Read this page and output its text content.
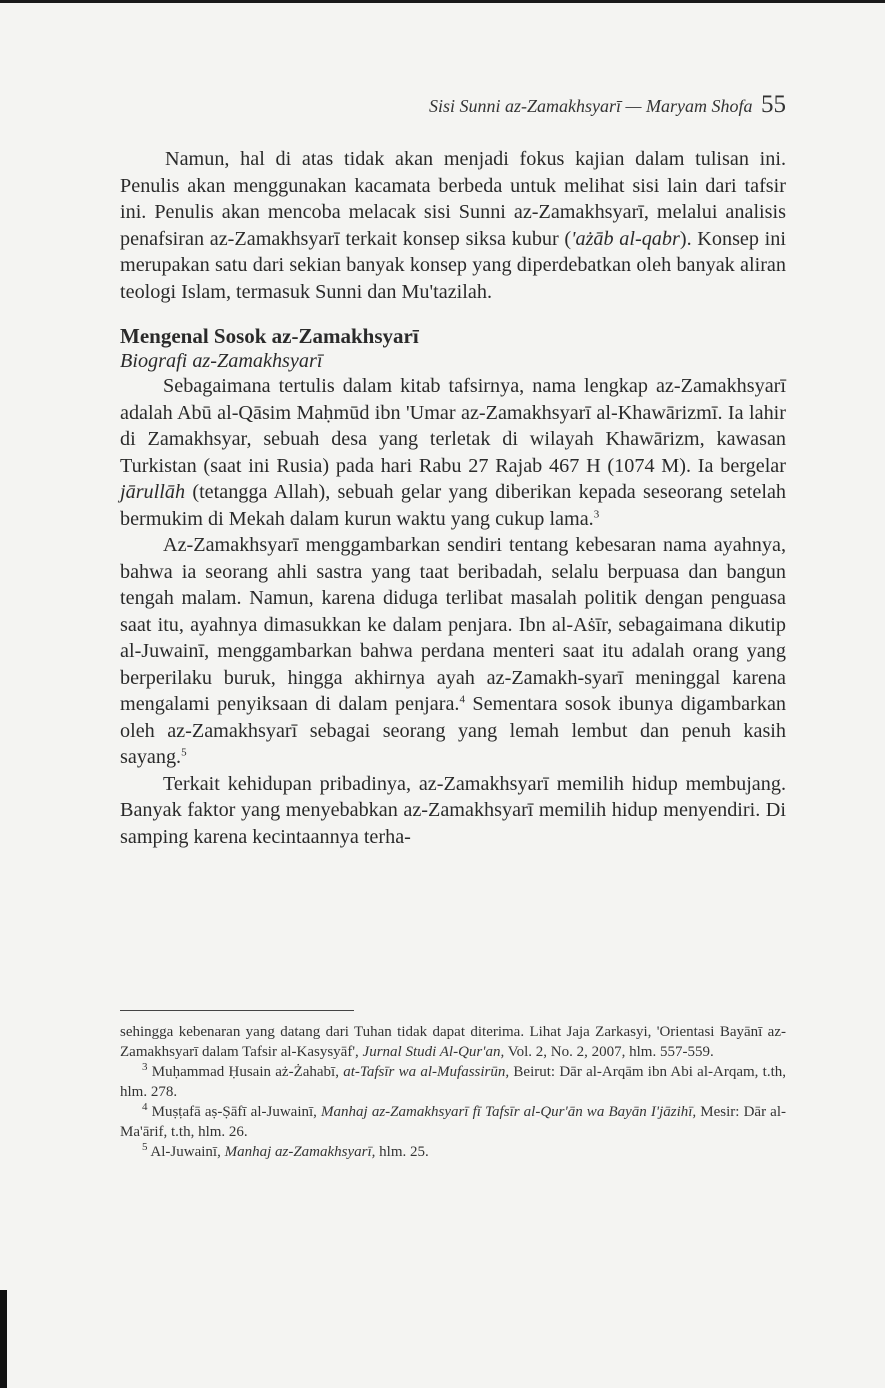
Sisi Sunni az-Zamakhsyarī — Maryam Shofa 55

Namun, hal di atas tidak akan menjadi fokus kajian dalam tulisan ini. Penulis akan menggunakan kacamata berbeda untuk melihat sisi lain dari tafsir ini. Penulis akan mencoba melacak sisi Sunni az-Zamakhsyarī, melalui analisis penafsiran az-Zamakhsyarī terkait konsep siksa kubur ('ażāb al-qabr). Konsep ini merupakan satu dari sekian banyak konsep yang diperdebatkan oleh banyak aliran teologi Islam, termasuk Sunni dan Mu'tazilah.

Mengenal Sosok az-Zamakhsyarī
Biografi az-Zamakhsyarī

Sebagaimana tertulis dalam kitab tafsirnya, nama lengkap az-Zamakhsyarī adalah Abū al-Qāsim Maḥmūd ibn 'Umar az-Zamakhsyarī al-Khawārizmī. Ia lahir di Zamakhsyar, sebuah desa yang terletak di wilayah Khawārizm, kawasan Turkistan (saat ini Rusia) pada hari Rabu 27 Rajab 467 H (1074 M). Ia bergelar jārullāh (tetangga Allah), sebuah gelar yang diberikan kepada seseorang setelah bermukim di Mekah dalam kurun waktu yang cukup lama.$^3$

Az-Zamakhsyarī menggambarkan sendiri tentang kebesaran nama ayahnya, bahwa ia seorang ahli sastra yang taat beribadah, selalu berpuasa dan bangun tengah malam. Namun, karena diduga terlibat masalah politik dengan penguasa saat itu, ayahnya dimasukkan ke dalam penjara. Ibn al-Aṡīr, sebagaimana dikutip al-Juwainī, menggambarkan bahwa perdana menteri saat itu adalah orang yang berperilaku buruk, hingga akhirnya ayah az-Zamakh-syarī meninggal karena mengalami penyiksaan di dalam penjara.$^4$ Sementara sosok ibunya digambarkan oleh az-Zamakhsyarī sebagai seorang yang lemah lembut dan penuh kasih sayang.$^5$

Terkait kehidupan pribadinya, az-Zamakhsyarī memilih hidup membujang. Banyak faktor yang menyebabkan az-Zamakhsyarī memilih hidup menyendiri. Di samping karena kecintaannya terha-

sehingga kebenaran yang datang dari Tuhan tidak dapat diterima. Lihat Jaja Zarkasyi, 'Orientasi Bayānī az-Zamakhsyarī dalam Tafsir al-Kasysyāf', Jurnal Studi Al-Qur'an, Vol. 2, No. 2, 2007, hlm. 557-559.

$^3$ Muḥammad Ḥusain aż-Żahabī, at-Tafsīr wa al-Mufassirūn, Beirut: Dār al-Arqām ibn Abi al-Arqam, t.th, hlm. 278.

$^4$ Muṣṭafā aṣ-Ṣāfī al-Juwainī, Manhaj az-Zamakhsyarī fī Tafsīr al-Qur'ān wa Bayān I'jāzihī, Mesir: Dār al-Ma'ārif, t.th, hlm. 26.

$^5$ Al-Juwainī, Manhaj az-Zamakhsyarī, hlm. 25.
